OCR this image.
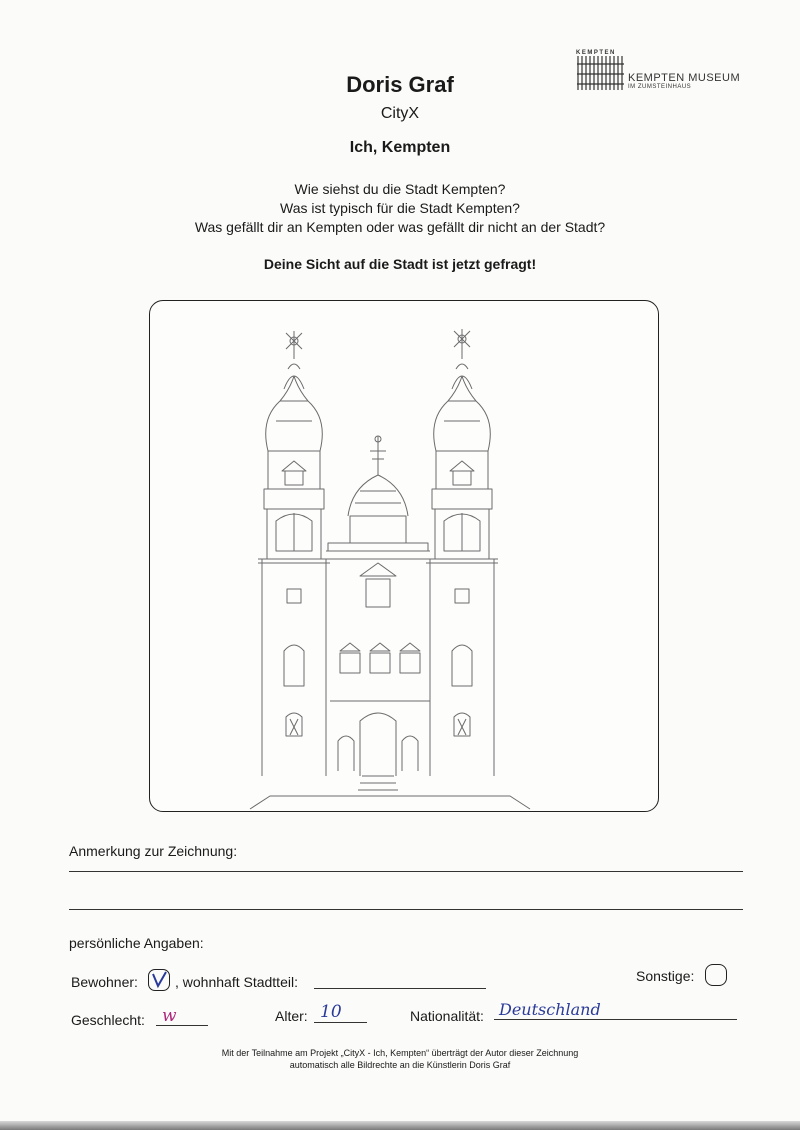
KEMPTEN
KEMPTEN MUSEUM
IM ZUMSTEINHAUS
Doris Graf
CityX
Ich, Kempten
Wie siehst du die Stadt Kempten?
Was ist typisch für die Stadt Kempten?
Was gefällt dir an Kempten oder was gefällt dir nicht an der Stadt?
Deine Sicht auf die Stadt ist jetzt gefragt!
Anmerkung zur Zeichnung:
persönliche Angaben:
Bewohner:	, wohnhaft Stadtteil:	Sonstige:
Geschlecht: w	Alter: 10	Nationalität: Deutschland
Mit der Teilnahme am Projekt „CityX - Ich, Kempten“ überträgt der Autor dieser Zeichnung
automatisch alle Bildrechte an die Künstlerin Doris Graf
